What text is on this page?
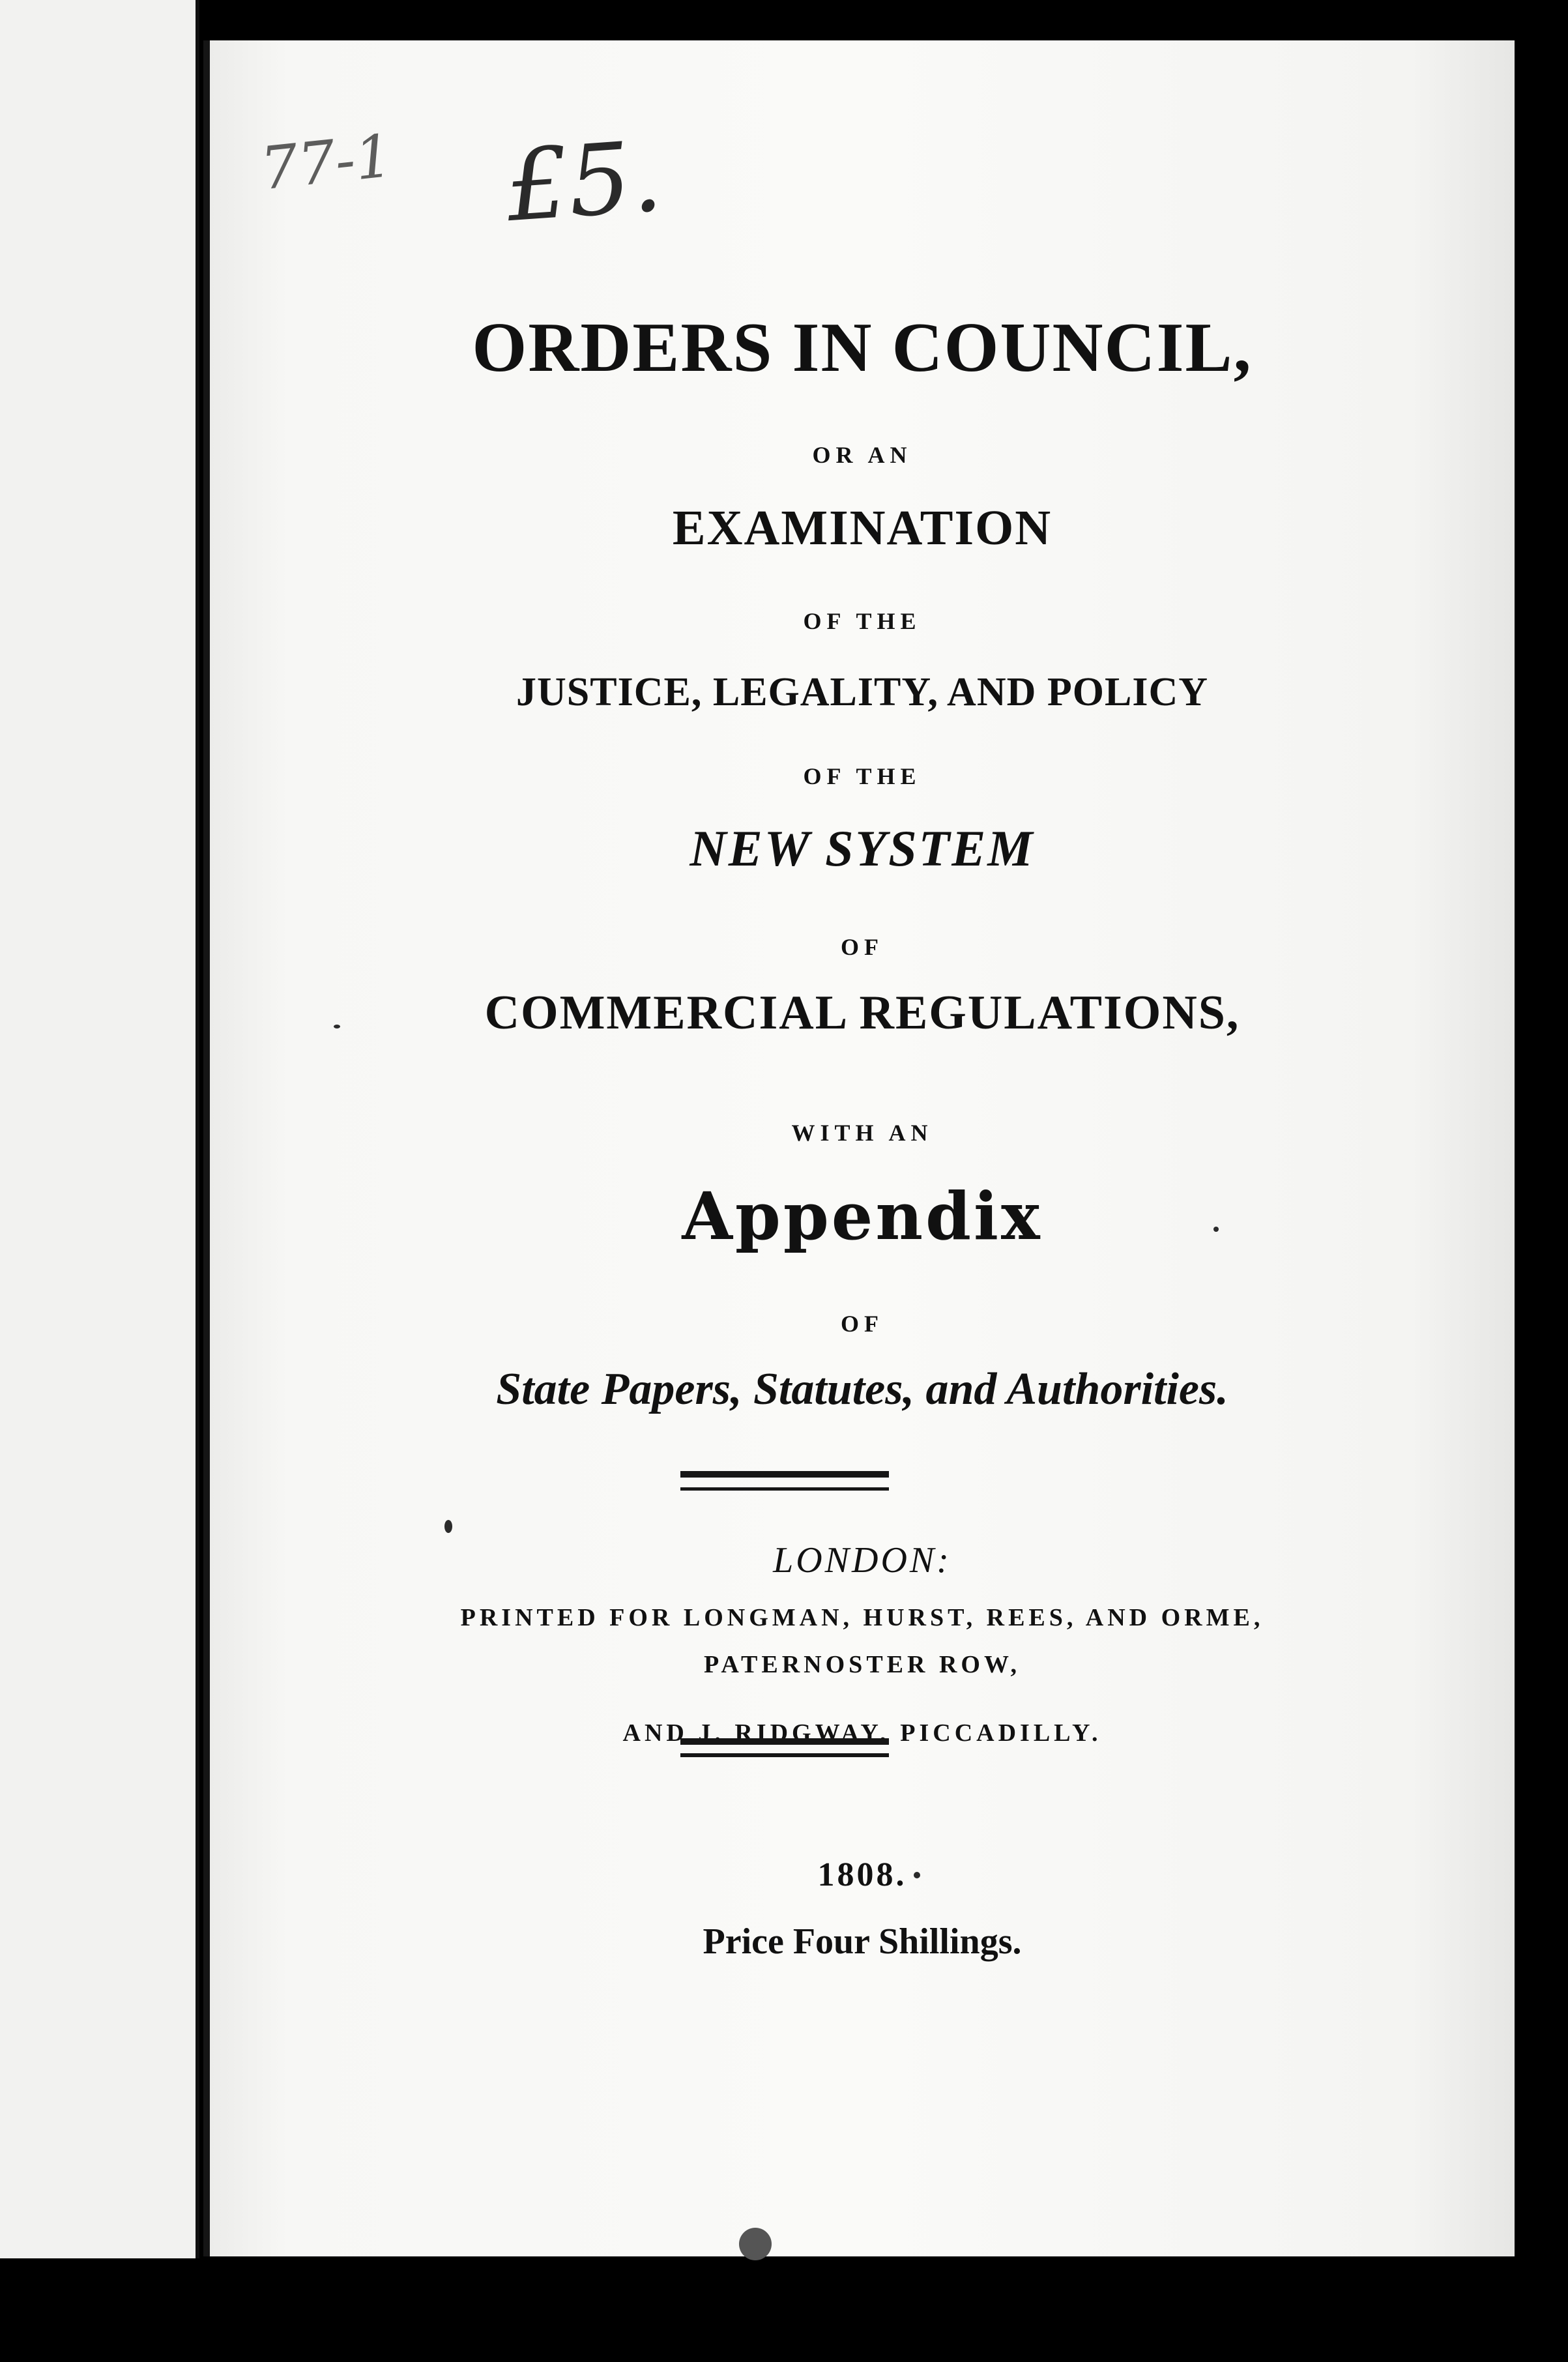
ORDERS IN COUNCIL,
OR AN
EXAMINATION
OF THE
JUSTICE, LEGALITY, AND POLICY
OF THE
NEW SYSTEM
OF
COMMERCIAL REGULATIONS,
WITH AN
Appendix
OF
State Papers, Statutes, and Authorities.
LONDON:
PRINTED FOR LONGMAN, HURST, REES, AND ORME,
PATERNOSTER ROW,
AND J. RIDGWAY, PICCADILLY.
1808.
Price Four Shillings.
77-1 £5.
